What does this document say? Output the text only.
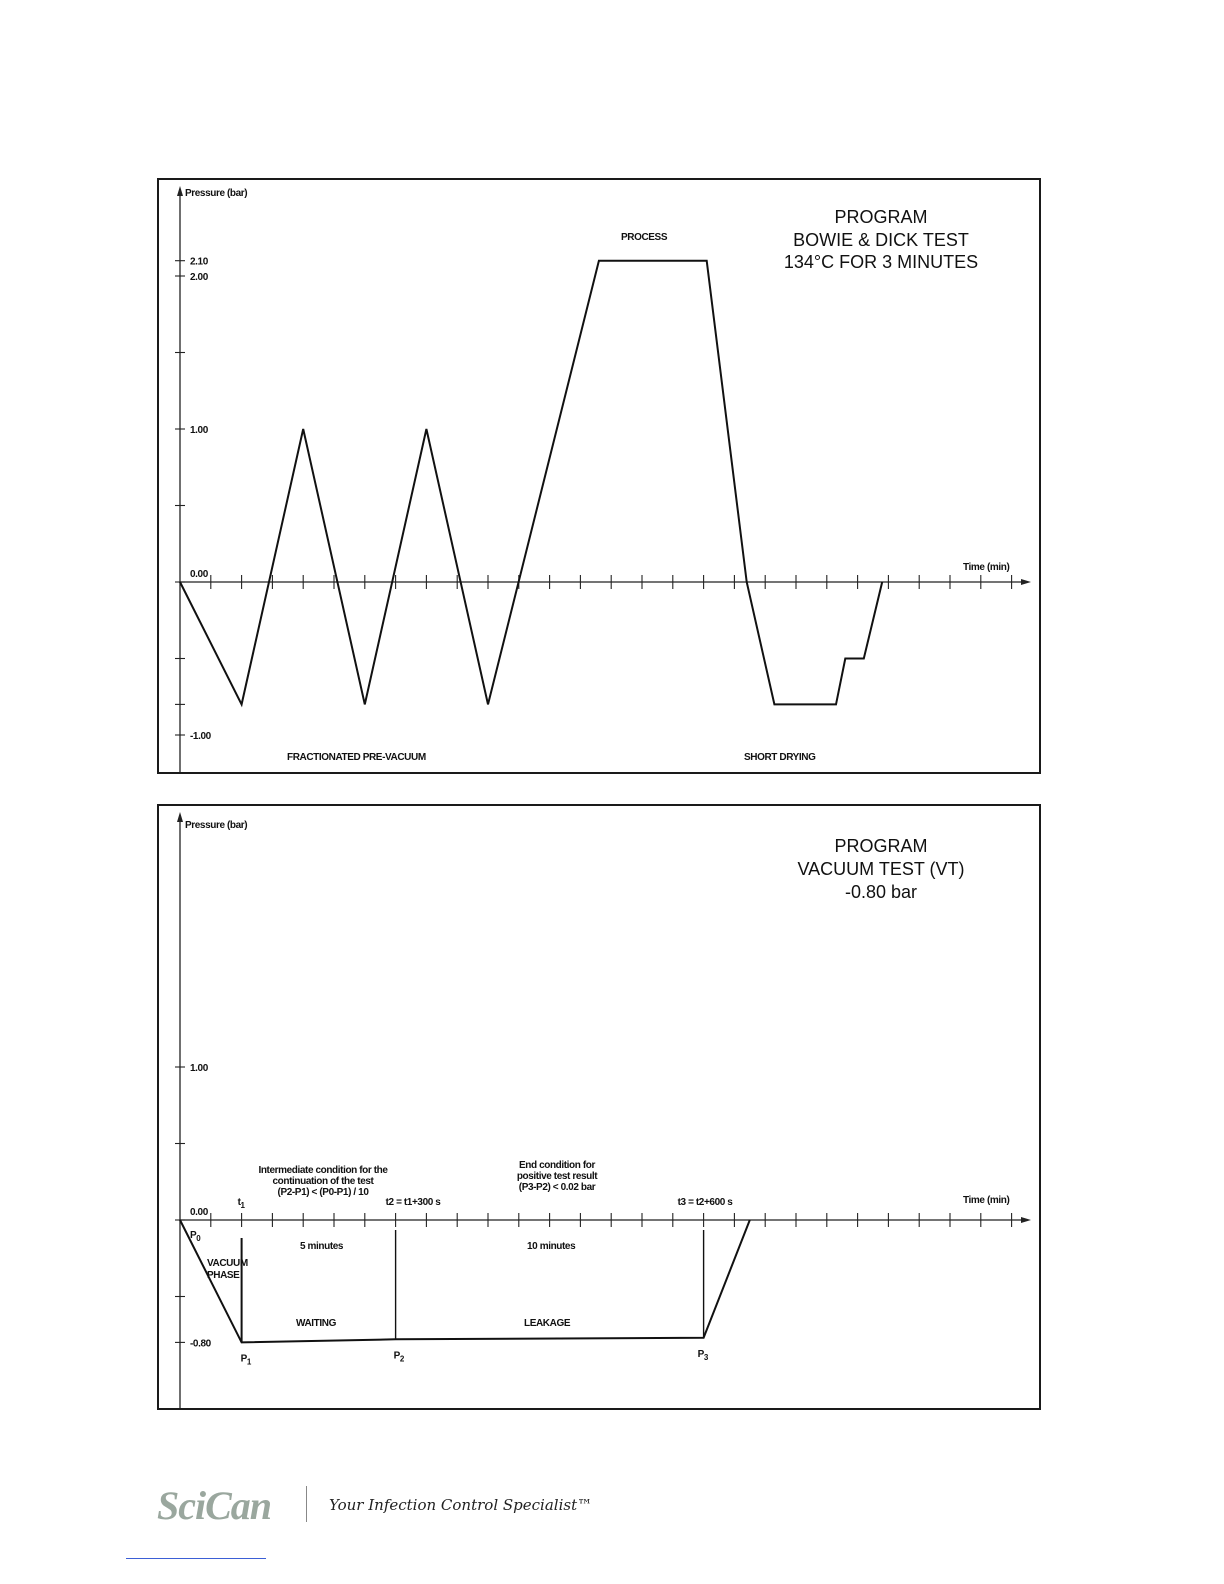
2.10
2.00
1.00
0.00
-1.00
Pressure (bar)
Time (min)
PROGRAM
BOWIE & DICK TEST
134°C FOR 3 MINUTES
PROCESS
FRACTIONATED PRE-VACUUM	SHORT DRYING
1.00
0.00
-0.80
$t_1$	t2 = t1+300 s	t3 = t2+600 s
$P_0$
$P_1$
$P_2$	$P_3$
Pressure (bar)
Time (min)
PROGRAM
VACUUM TEST (VT)
-0.80 bar
Intermediate condition for the
continuation of the test
(P2-P1) < (P0-P1) / 10
End condition for
positive test result
(P3-P2) < 0.02 bar
5 minutes	10 minutes
VACUUM
PHASE
WAITING	LEAKAGE
SciCan	Your Infection Control Specialist™
